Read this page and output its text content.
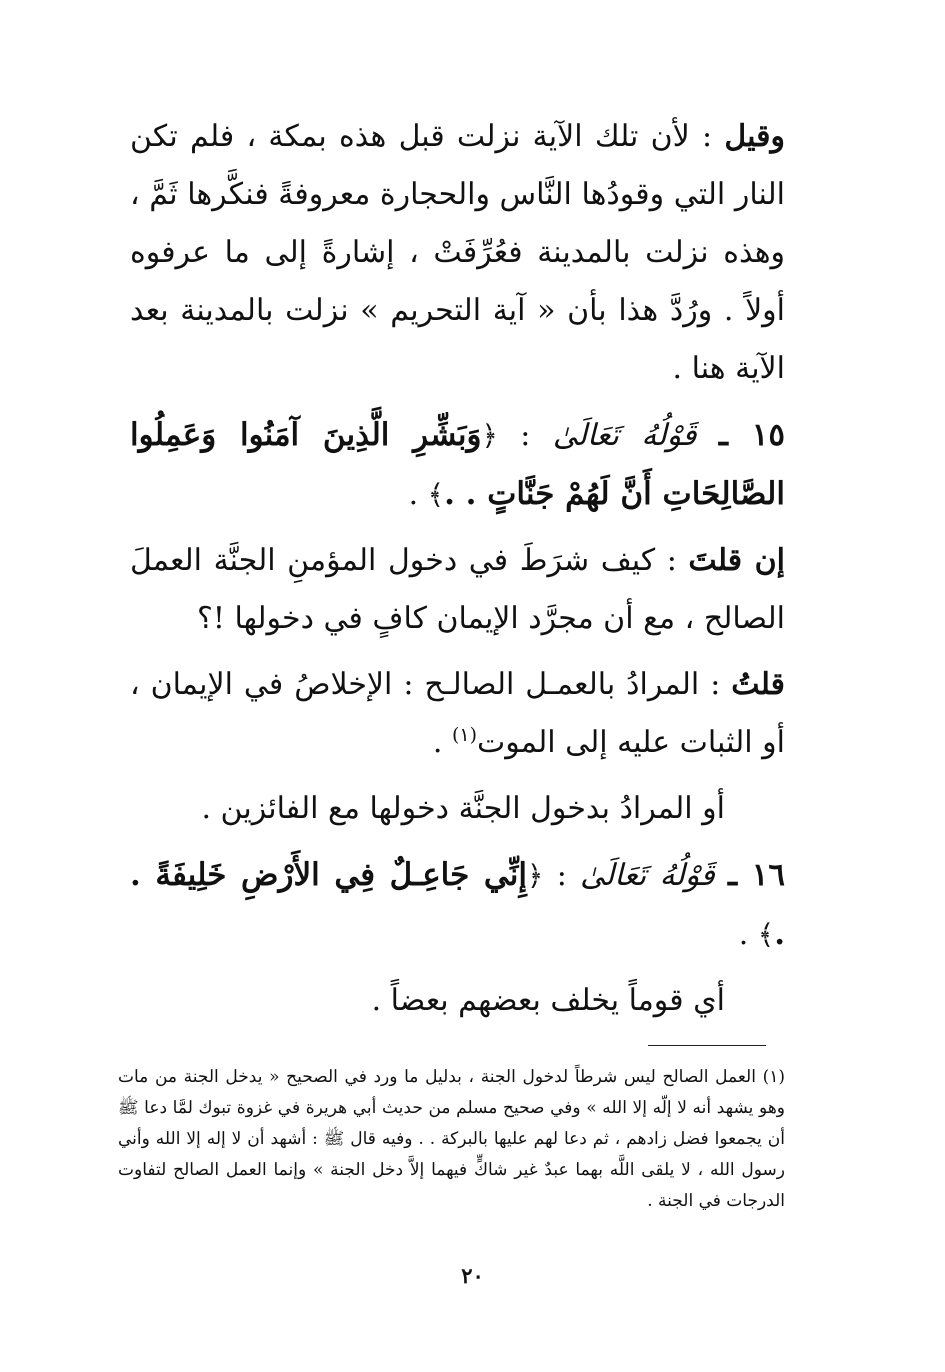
وقيل : لأن تلك الآية نزلت قبل هذه بمكة ، فلم تكن النار التي وقودُها النَّاس والحجارة معروفةً فنكَّرها ثَمَّ ، وهذه نزلت بالمدينة فعُرِّفَتْ ، إشارةً إلى ما عرفوه أولاً . ورُدَّ هذا بأن « آية التحريم » نزلت بالمدينة بعد الآية هنا .

١٥ ـ قَوْلُهُ تَعَالَىٰ : ﴿وَبَشِّرِ الَّذِينَ آمَنُوا وَعَمِلُوا الصَّالِحَاتِ أَنَّ لَهُمْ جَنَّاتٍ . .﴾ .

إن قلتَ : كيف شرَطَ في دخول المؤمنِ الجنَّة العملَ الصالح ، مع أن مجرَّد الإيمان كافٍ في دخولها !؟

قلتُ : المرادُ بالعمـل الصالـح : الإخلاصُ في الإيمان ، أو الثبات عليه إلى الموت$^{(١)}$ .

أو المرادُ بدخول الجنَّة دخولها مع الفائزين .

١٦ ـ قَوْلُهُ تَعَالَىٰ : ﴿إِنِّي جَاعِـلٌ فِي الأَرْضِ خَلِيفَةً . .﴾ .

أي قوماً يخلف بعضهم بعضاً .

(١) العمل الصالح ليس شرطاً لدخول الجنة ، بدليل ما ورد في الصحيح « يدخل الجنة من مات وهو يشهد أنه لا إلّه إلا الله » وفي صحيح مسلم من حديث أبي هريرة في غزوة تبوك لمَّا دعا ﷺ أن يجمعوا فضل زادهم ، ثم دعا لهم عليها بالبركة . . وفيه قال ﷺ : أشهد أن لا إله إلا الله وأني رسول الله ، لا يلقى اللَّه بهما عبدٌ غير شاكٍّ فيهما إلاَّ دخل الجنة » وإنما العمل الصالح لتفاوت الدرجات في الجنة .

٢٠
